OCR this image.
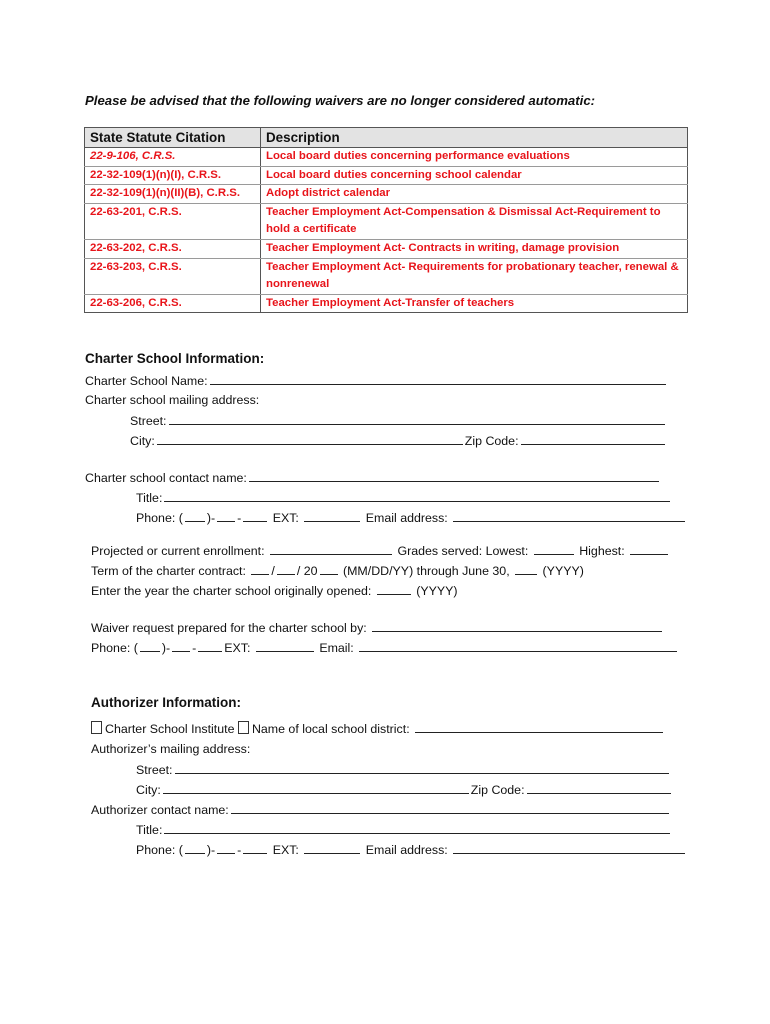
Please be advised that the following waivers are no longer considered automatic:
State Statute Citation	Description
22-9-106, C.R.S.	Local board duties concerning performance evaluations
22-32-109(1)(n)(I), C.R.S.	Local board duties concerning school calendar
22-32-109(1)(n)(II)(B), C.R.S.	Adopt district calendar
22-63-201, C.R.S.	Teacher Employment Act-Compensation & Dismissal Act-Requirement to hold a certificate
22-63-202, C.R.S.	Teacher Employment Act- Contracts in writing, damage provision
22-63-203, C.R.S.	Teacher Employment Act- Requirements for probationary teacher, renewal & nonrenewal
22-63-206, C.R.S.	Teacher Employment Act-Transfer of teachers
Charter School Information:
Charter School Name:
Charter school mailing address:
Street:
City:	Zip Code:
Charter school contact name:
Title:
Phone: ( )- -	EXT:	Email address:
Projected or current enrollment:	Grades served: Lowest:	Highest:
Term of the charter contract: / / 20 (MM/DD/YY) through June 30,	(YYYY)
Enter the year the charter school originally opened:	(YYYY)
Waiver request prepared for the charter school by:
Phone: ( )- - EXT:	Email:
Authorizer Information:
Charter School Institute Name of local school district:
Authorizer’s mailing address:
Street:
City:	Zip Code:
Authorizer contact name:
Title:
Phone: ( )- -	EXT:	Email address:
